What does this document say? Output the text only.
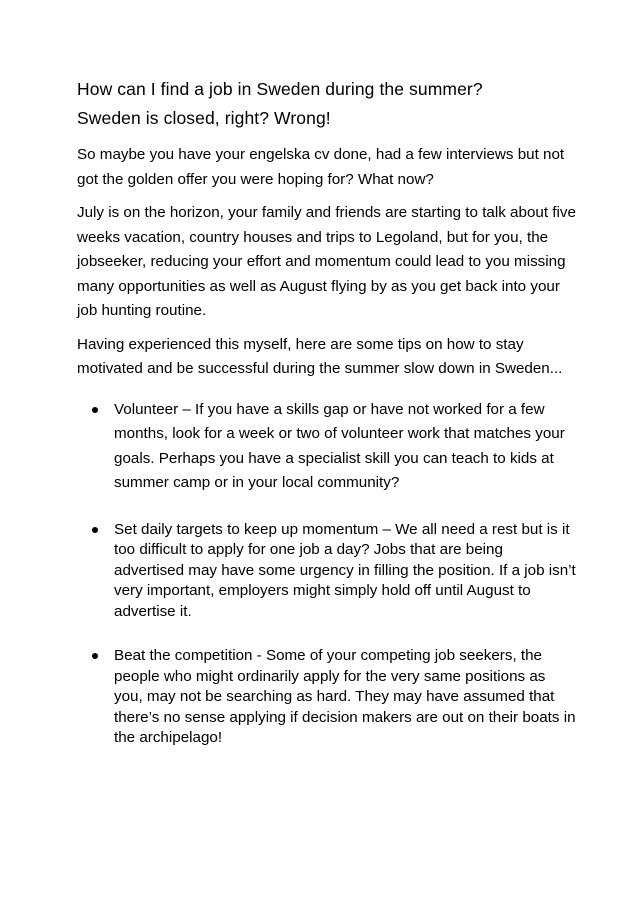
How can I find a job in Sweden during the summer?
Sweden is closed, right? Wrong!

So maybe you have your engelska cv done, had a few interviews but not got the golden offer you were hoping for? What now?

July is on the horizon, your family and friends are starting to talk about five weeks vacation, country houses and trips to Legoland, but for you, the jobseeker, reducing your effort and momentum could lead to you missing many opportunities as well as August flying by as you get back into your job hunting routine.

Having experienced this myself, here are some tips on how to stay motivated and be successful during the summer slow down in Sweden...

Volunteer – If you have a skills gap or have not worked for a few months, look for a week or two of volunteer work that matches your goals. Perhaps you have a specialist skill you can teach to kids at summer camp or in your local community?
Set daily targets to keep up momentum – We all need a rest but is it too difficult to apply for one job a day? Jobs that are being advertised may have some urgency in filling the position. If a job isn’t very important, employers might simply hold off until August to advertise it.
Beat the competition - Some of your competing job seekers, the people who might ordinarily apply for the very same positions as you, may not be searching as hard. They may have assumed that there’s no sense applying if decision makers are out on their boats in the archipelago!
